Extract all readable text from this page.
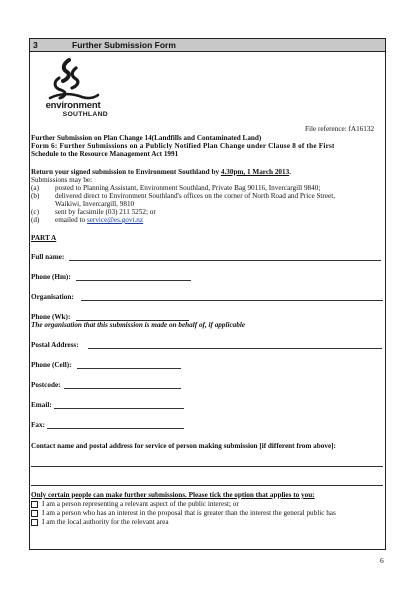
3	Further Submission Form
environment
SOUTHLAND
File reference: fA16132
Further Submission on Plan Change 14(Landfills and Contaminated Land)
Form 6: Further Submissions on a Publicly Notified Plan Change under Clause 8 of the First
Schedule to the Resource Management Act 1991
Return your signed submission to Environment Southland by 4.30pm, 1 March 2013.
Submissions may be:
(a) posted to Planning Assistant, Environment Southland, Private Bag 90116, Invercargill 9840;
(b) delivered direct to Environment Southland's offices on the corner of North Road and Price Street,
Waikiwi, Invercargill, 9810
(c) sent by facsimile (03) 211 5252; or
(d) emailed to service@es.govt.nz
PART A
Full name:
Phone (Hm):
Organisation:
Phone (Wk):
The organisation that this submission is made on behalf of, if applicable
Postal Address:
Phone (Cell):
Postcode:
Email:
Fax:
Contact name and postal address for service of person making submission [if different from above]:
Only certain people can make further submissions. Please tick the option that applies to you:
I am a person representing a relevant aspect of the public interest; or
I am a person who has an interest in the proposal that is greater than the interest the general public has
I am the local authority for the relevant area
6
